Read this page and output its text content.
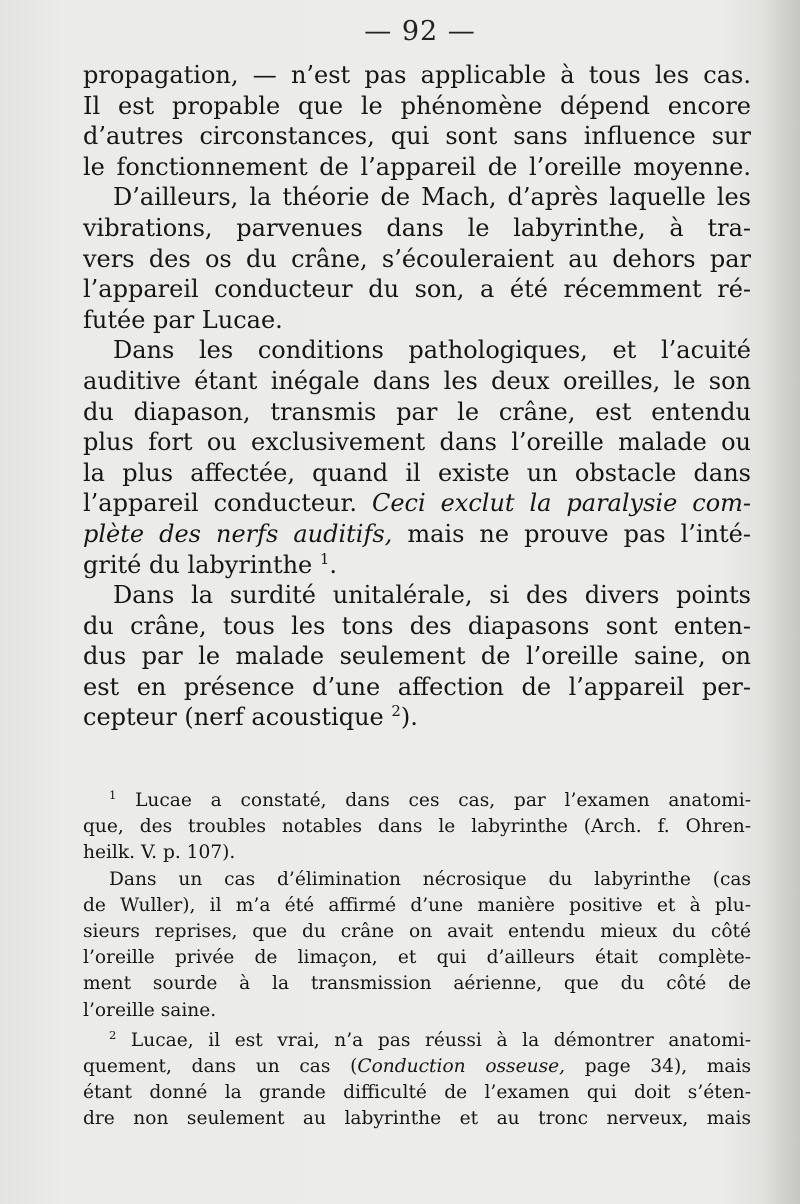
— 92 —
propagation, — n’est pas applicable à tous les cas.
Il est propable que le phénomène dépend encore
d’autres circonstances, qui sont sans influence sur
le fonctionnement de l’appareil de l’oreille moyenne.
D’ailleurs, la théorie de Mach, d’après laquelle les
vibrations, parvenues dans le labyrinthe, à tra-
vers des os du crâne, s’écouleraient au dehors par
l’appareil conducteur du son, a été récemment ré-
futée par Lucae.
Dans les conditions pathologiques, et l’acuité
auditive étant inégale dans les deux oreilles, le son
du diapason, transmis par le crâne, est entendu
plus fort ou exclusivement dans l’oreille malade ou
la plus affectée, quand il existe un obstacle dans
l’appareil conducteur. Ceci exclut la paralysie com-
plète des nerfs auditifs, mais ne prouve pas l’inté-
grité du labyrinthe $^1$.
Dans la surdité unitalérale, si des divers points
du crâne, tous les tons des diapasons sont enten-
dus par le malade seulement de l’oreille saine, on
est en présence d’une affection de l’appareil per-
cepteur (nerf acoustique $^2$).
$^1$ Lucae a constaté, dans ces cas, par l’examen anatomi-
que, des troubles notables dans le labyrinthe (Arch. f. Ohren-
heilk. V. p. 107).
Dans un cas d’élimination nécrosique du labyrinthe (cas
de Wuller), il m’a été affirmé d’une manière positive et à plu-
sieurs reprises, que du crâne on avait entendu mieux du côté
l’oreille privée de limaçon, et qui d’ailleurs était complète-
ment sourde à la transmission aérienne, que du côté de
l’oreille saine.
$^2$ Lucae, il est vrai, n’a pas réussi à la démontrer anatomi-
quement, dans un cas (Conduction osseuse, page 34), mais
étant donné la grande difficulté de l’examen qui doit s’éten-
dre non seulement au labyrinthe et au tronc nerveux, mais
